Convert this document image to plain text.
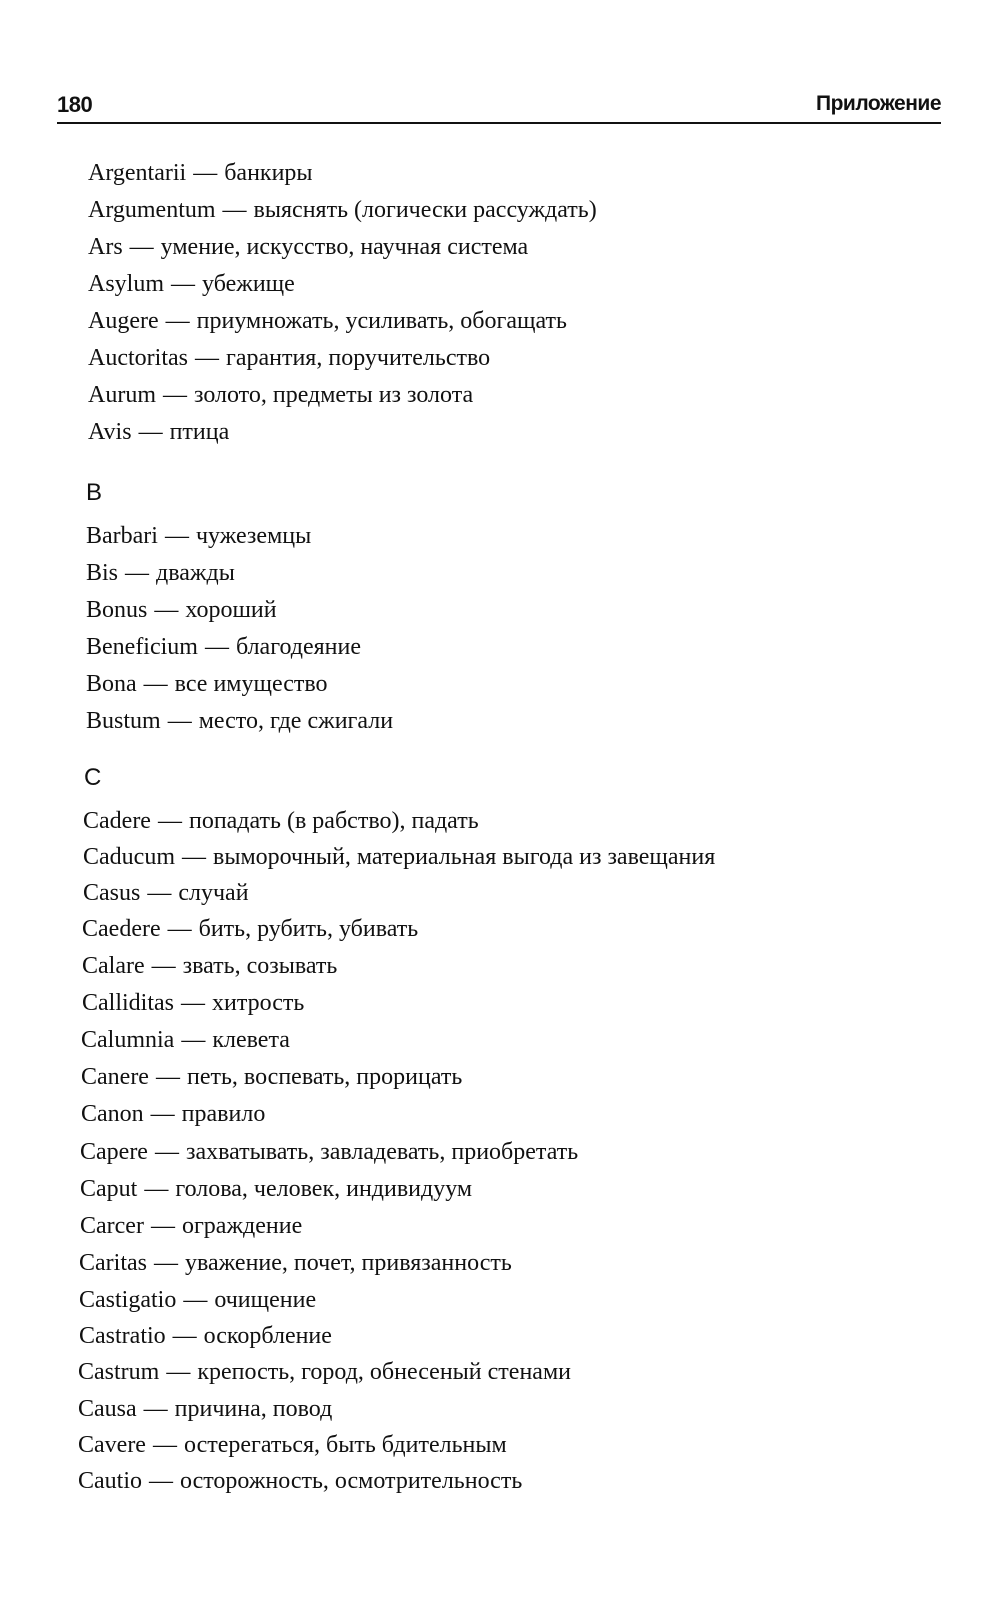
180	Приложение
Argentarii — банкиры
Argumentum — выяснять (логически рассуждать)
Ars — умение, искусство, научная система
Asylum — убежище
Augere — приумножать, усиливать, обогащать
Auctoritas — гарантия, поручительство
Aurum — золото, предметы из золота
Avis — птица
B
Barbari — чужеземцы
Bis — дважды
Bonus — хороший
Beneficium — благодеяние
Bona — все имущество
Bustum — место, где сжигали
C
Cadere — попадать (в рабство), падать
Caducum — выморочный, материальная выгода из завещания
Casus — случай
Caedere — бить, рубить, убивать
Calare — звать, созывать
Calliditas — хитрость
Calumnia — клевета
Canere — петь, воспевать, прорицать
Canon — правило
Capere — захватывать, завладевать, приобретать
Caput — голова, человек, индивидуум
Carcer — ограждение
Caritas — уважение, почет, привязанность
Castigatio — очищение
Castratio — оскорбление
Castrum — крепость, город, обнесеный стенами
Causa — причина, повод
Cavere — остерегаться, быть бдительным
Cautio — осторожность, осмотрительность
